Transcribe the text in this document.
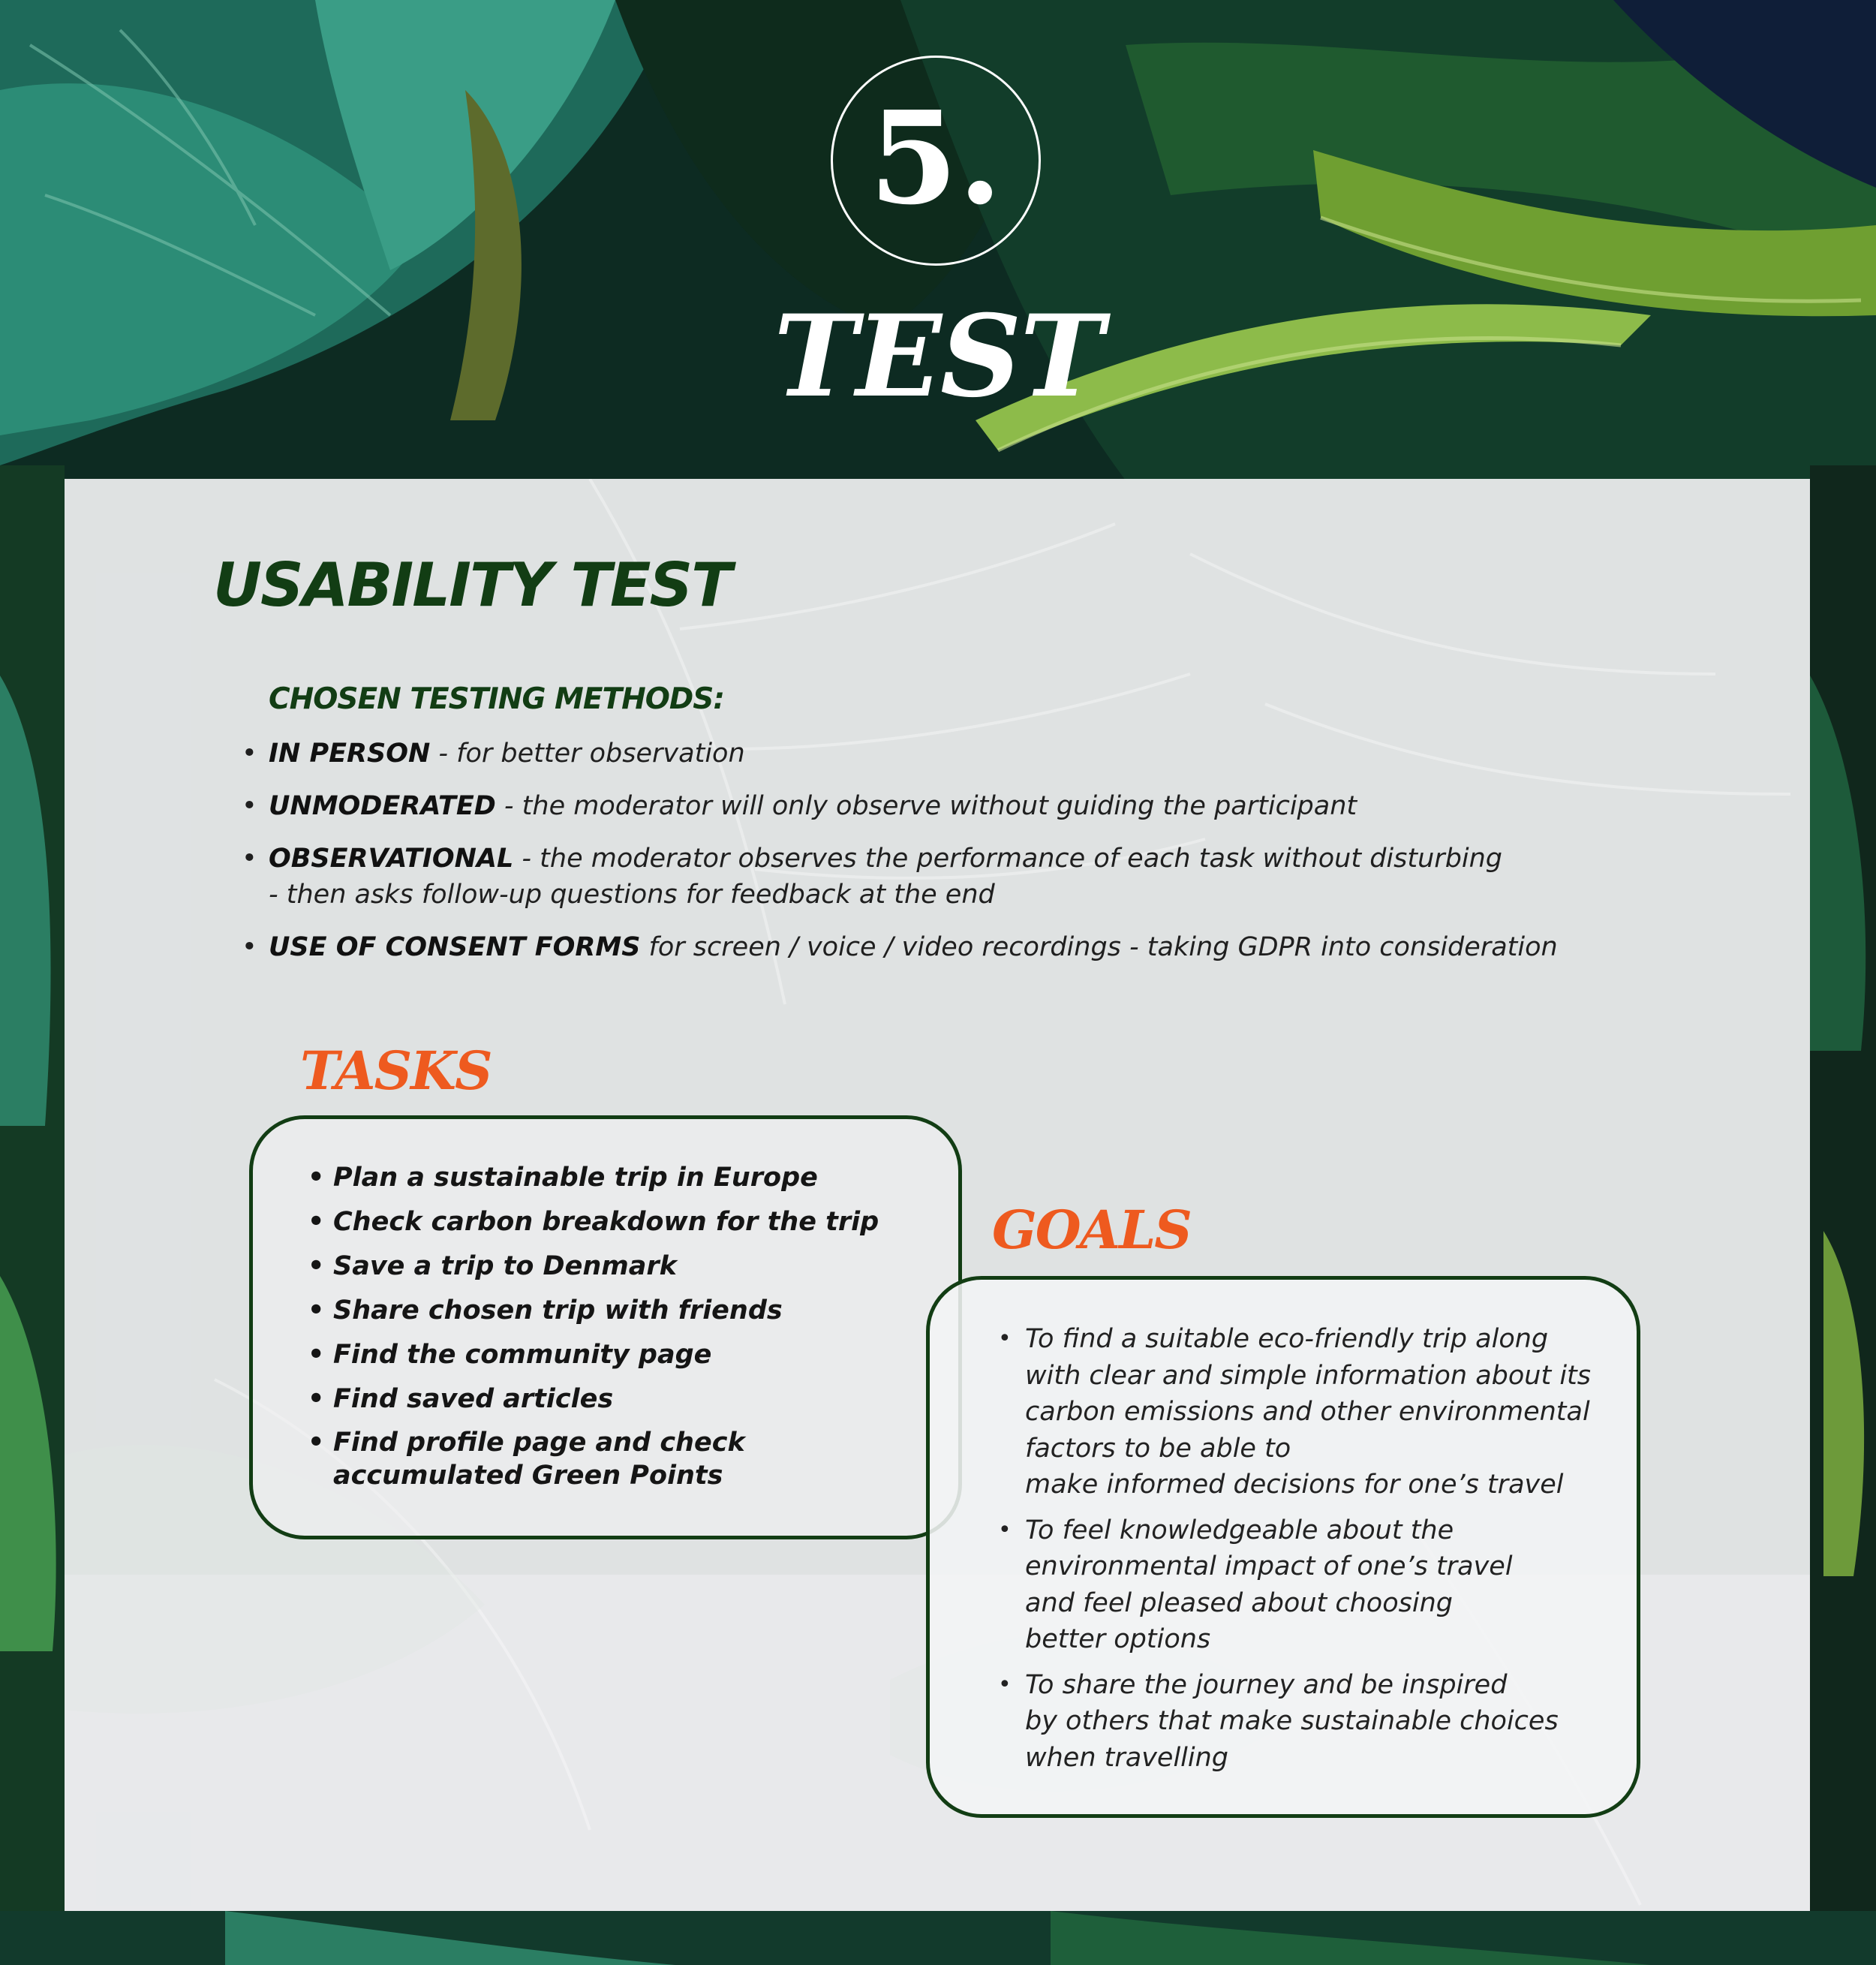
5.
TEST
USABILITY TEST
CHOSEN TESTING METHODS:
• IN PERSON - for better observation
• UNMODERATED - the moderator will only observe without guiding the participant
• OBSERVATIONAL - the moderator observes the performance of each task without disturbing
- then asks follow-up questions for feedback at the end
• USE OF CONSENT FORMS for screen / voice / video recordings - taking GDPR into consideration
TASKS
• Plan a sustainable trip in Europe
• Check carbon breakdown for the trip
• Save a trip to Denmark
• Share chosen trip with friends
• Find the community page
• Find saved articles
• Find profile page and check accumulated Green Points
GOALS
• To find a suitable eco-friendly trip along
with clear and simple information about its
carbon emissions and other environmental
factors to be able to
make informed decisions for one’s travel
• To feel knowledgeable about the
environmental impact of one’s travel
and feel pleased about choosing
better options
• To share the journey and be inspired
by others that make sustainable choices
when travelling
